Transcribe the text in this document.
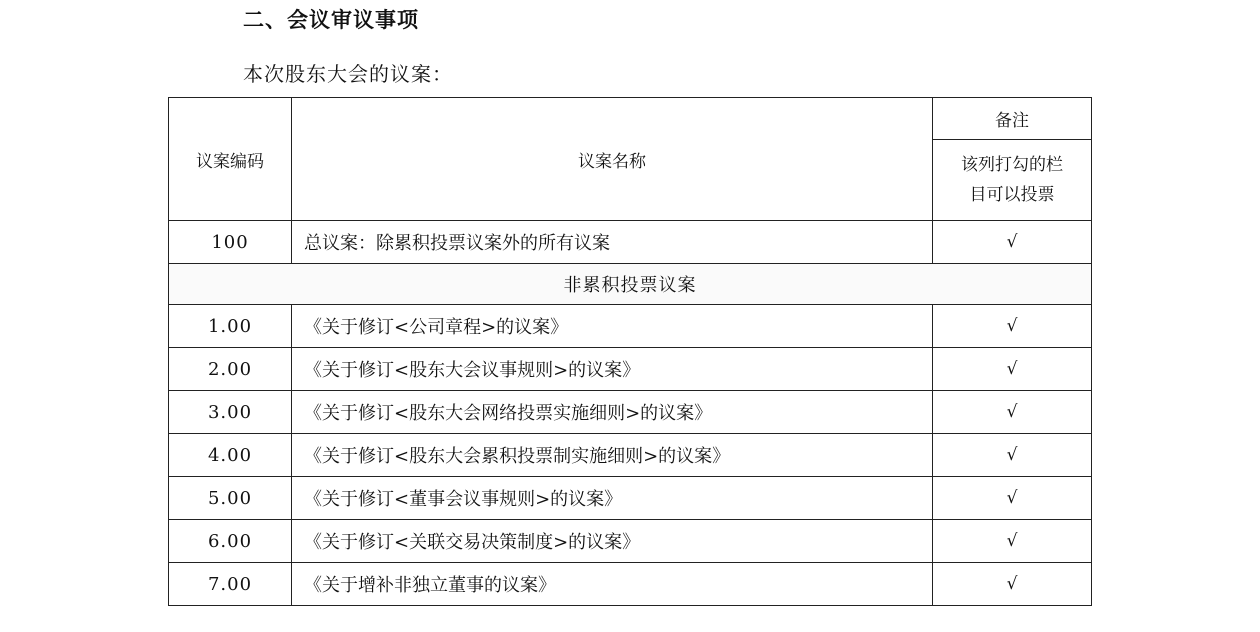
二、会议审议事项
本次股东大会的议案：
议案编码	议案名称	备注

		该列打勾的栏
目可以投票

100	总议案：除累积投票议案外的所有议案	√
非累积投票议案		
1.00	《关于修订<公司章程>的议案》	√
2.00	《关于修订<股东大会议事规则>的议案》	√
3.00	《关于修订<股东大会网络投票实施细则>的议案》	√
4.00	《关于修订<股东大会累积投票制实施细则>的议案》	√
5.00	《关于修订<董事会议事规则>的议案》	√
6.00	《关于修订<关联交易决策制度>的议案》	√
7.00	《关于增补非独立董事的议案》	√
